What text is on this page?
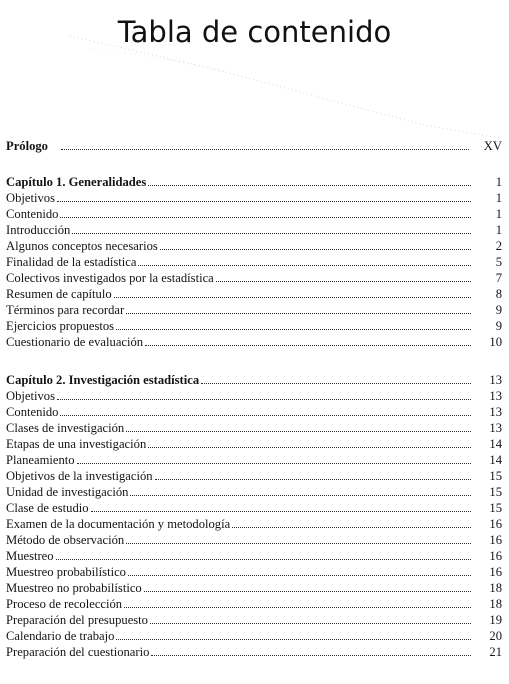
Tabla de contenido
Prólogo	XV
Capítulo 1. Generalidades	1
Objetivos	1
Contenido	1
Introducción	1
Algunos conceptos necesarios	2
Finalidad de la estadística	5
Colectivos investigados por la estadística	7
Resumen de capítulo	8
Términos para recordar	9
Ejercicios propuestos	9
Cuestionario de evaluación	10
Capítulo 2. Investigación estadística	13
Objetivos	13
Contenido	13
Clases de investigación	13
Etapas de una investigación	14
Planeamiento	14
Objetivos de la investigación	15
Unidad de investigación	15
Clase de estudio	15
Examen de la documentación y metodología	16
Método de observación	16
Muestreo	16
Muestreo probabilístico	16
Muestreo no probabilístico	18
Proceso de recolección	18
Preparación del presupuesto	19
Calendario de trabajo	20
Preparación del cuestionario	21
